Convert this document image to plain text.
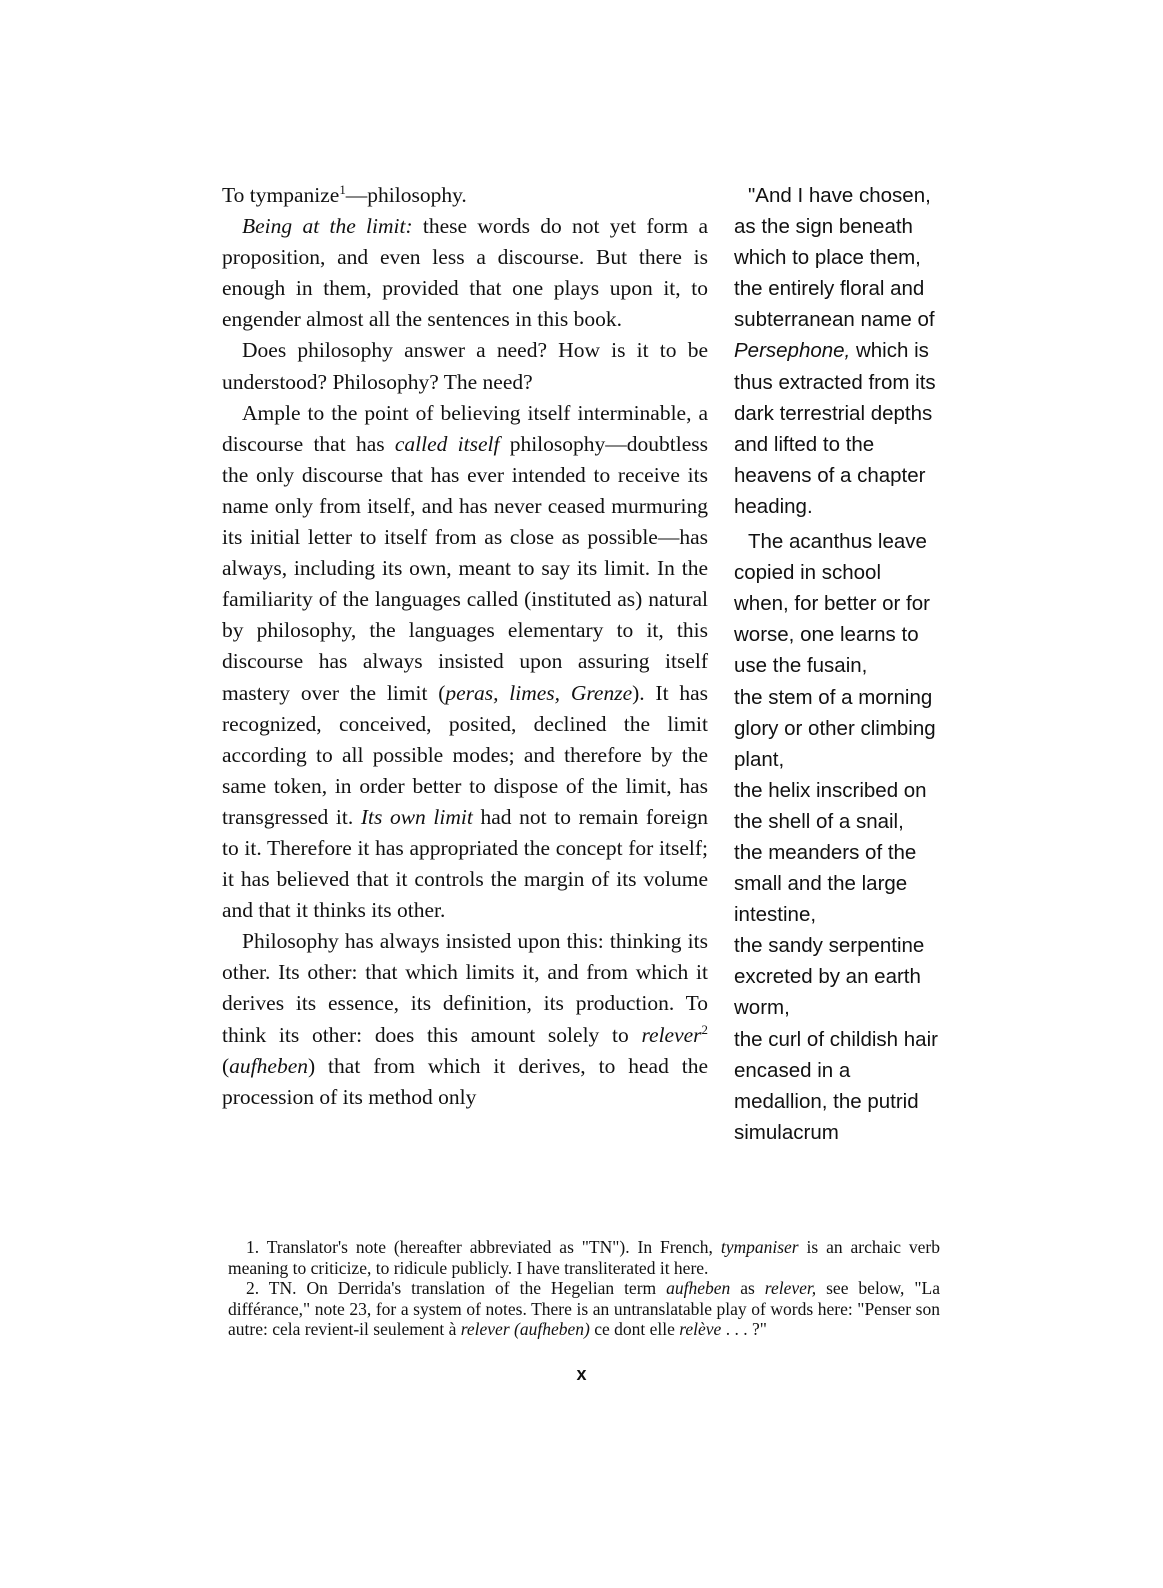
To tympanize$^1$—philosophy.

Being at the limit: these words do not yet form a proposition, and even less a discourse. But there is enough in them, provided that one plays upon it, to engender almost all the sentences in this book.

Does philosophy answer a need? How is it to be understood? Philosophy? The need?

Ample to the point of believing itself interminable, a discourse that has called itself philosophy—doubtless the only discourse that has ever intended to receive its name only from itself, and has never ceased murmuring its initial letter to itself from as close as possible—has always, including its own, meant to say its limit. In the familiarity of the languages called (instituted as) natural by philosophy, the languages elementary to it, this discourse has always insisted upon assuring itself mastery over the limit (peras, limes, Grenze). It has recognized, conceived, posited, declined the limit according to all possible modes; and therefore by the same token, in order better to dispose of the limit, has transgressed it. Its own limit had not to remain foreign to it. Therefore it has appropriated the concept for itself; it has believed that it controls the margin of its volume and that it thinks its other.

Philosophy has always insisted upon this: thinking its other. Its other: that which limits it, and from which it derives its essence, its definition, its production. To think its other: does this amount solely to relever$^2$ (aufheben) that from which it derives, to head the procession of its method only

"And I have chosen, as the sign beneath which to place them, the entirely floral and subterranean name of Persephone, which is thus extracted from its dark terrestrial depths and lifted to the heavens of a chapter heading.

The acanthus leave copied in school when, for better or for worse, one learns to use the fusain,

the stem of a morning glory or other climbing plant,

the helix inscribed on the shell of a snail,

the meanders of the small and the large intestine,

the sandy serpentine excreted by an earth worm,

the curl of childish hair encased in a medallion, the putrid simulacrum

1. Translator's note (hereafter abbreviated as "TN"). In French, tympaniser is an archaic verb meaning to criticize, to ridicule publicly. I have transliterated it here.

2. TN. On Derrida's translation of the Hegelian term aufheben as relever, see below, "La différance," note 23, for a system of notes. There is an untranslatable play of words here: "Penser son autre: cela revient-il seulement à relever (aufheben) ce dont elle relève . . . ?"

x
